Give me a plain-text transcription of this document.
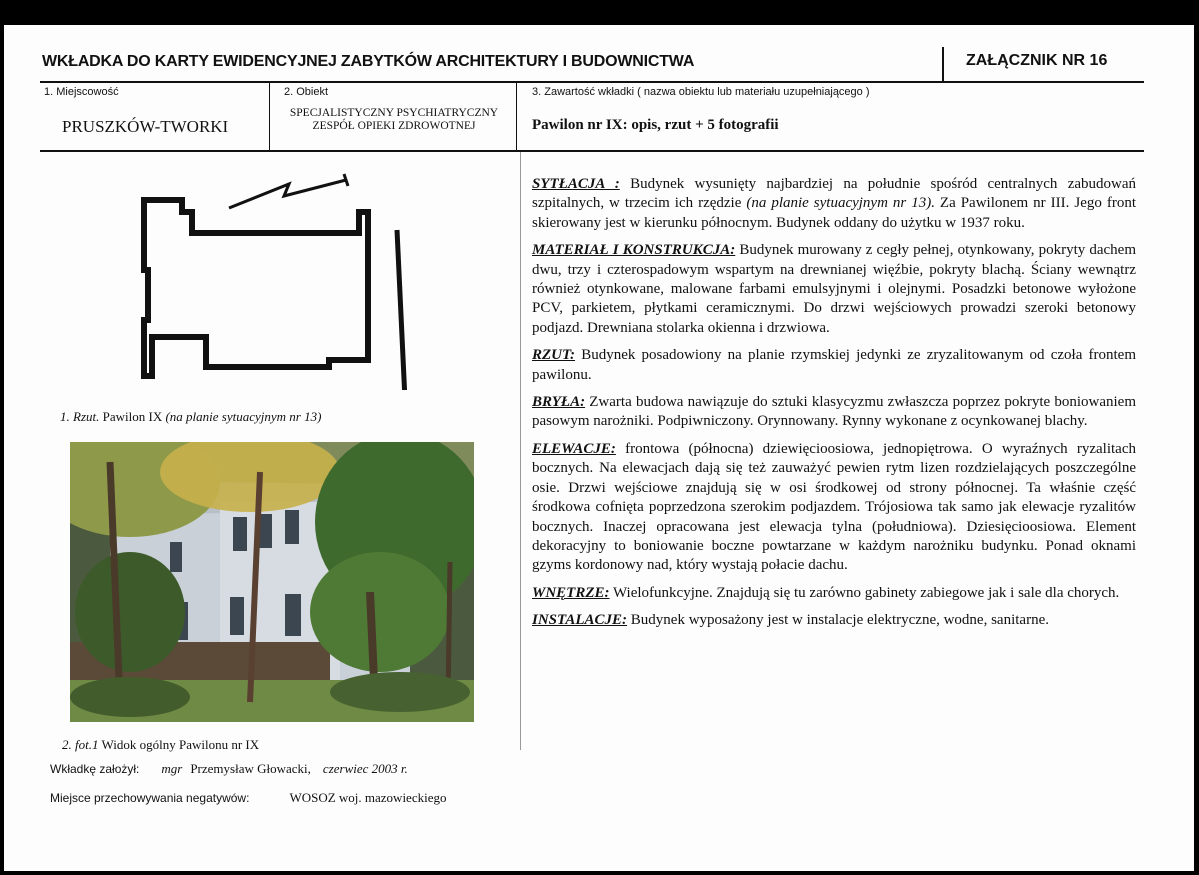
WKŁADKA DO KARTY EWIDENCYJNEJ ZABYTKÓW ARCHITEKTURY I BUDOWNICTWA	ZAŁĄCZNIK NR 16
1. Miejscowość
PRUSZKÓW-TWORKI
2. Obiekt
SPECJALISTYCZNY PSYCHIATRYCZNY ZESPÓŁ OPIEKI ZDROWOTNEJ
3. Zawartość wkładki ( nazwa obiektu lub materiału uzupełniającego )
Pawilon nr IX: opis, rzut + 5 fotografii
1. Rzut. Pawilon IX (na planie sytuacyjnym nr 13)
2. fot.1 Widok ogólny Pawilonu nr IX
Wkładkę założył: mgr Przemysław Głowacki, czerwiec 2003 r.
Miejsce przechowywania negatywów:	WOSOZ woj. mazowieckiego

SYTŁACJA : Budynek wysunięty najbardziej na południe spośród centralnych zabudowań szpitalnych, w trzecim ich rzędzie (na planie sytuacyjnym nr 13). Za Pawilonem nr III. Jego front skierowany jest w kierunku północnym. Budynek oddany do użytku w 1937 roku.

MATERIAŁ I KONSTRUKCJA: Budynek murowany z cegły pełnej, otynkowany, pokryty dachem dwu, trzy i czterospadowym wspartym na drewnianej więźbie, pokryty blachą. Ściany wewnątrz również otynkowane, malowane farbami emulsyjnymi i olejnymi. Posadzki betonowe wyłożone PCV, parkietem, płytkami ceramicznymi. Do drzwi wejściowych prowadzi szeroki betonowy podjazd. Drewniana stolarka okienna i drzwiowa.

RZUT: Budynek posadowiony na planie rzymskiej jedynki ze zryzalitowanym od czoła frontem pawilonu.

BRYŁA: Zwarta budowa nawiązuje do sztuki klasycyzmu zwłaszcza poprzez pokryte boniowaniem pasowym narożniki. Podpiwniczony. Orynnowany. Rynny wykonane z ocynkowanej blachy.

ELEWACJE: frontowa (północna) dziewięcioosiowa, jednopiętrowa. O wyraźnych ryzalitach bocznych. Na elewacjach dają się też zauważyć pewien rytm lizen rozdzielających poszczególne osie. Drzwi wejściowe znajdują się w osi środkowej od strony północnej. Ta właśnie część środkowa cofnięta poprzedzona szerokim podjazdem. Trójosiowa tak samo jak elewacje ryzalitów bocznych. Inaczej opracowana jest elewacja tylna (południowa). Dziesięcioosiowa. Element dekoracyjny to boniowanie boczne powtarzane w każdym narożniku budynku. Ponad oknami gzyms kordonowy nad, który wystają połacie dachu.

WNĘTRZE: Wielofunkcyjne. Znajdują się tu zarówno gabinety zabiegowe jak i sale dla chorych.

INSTALACJE: Budynek wyposażony jest w instalacje elektryczne, wodne, sanitarne.
